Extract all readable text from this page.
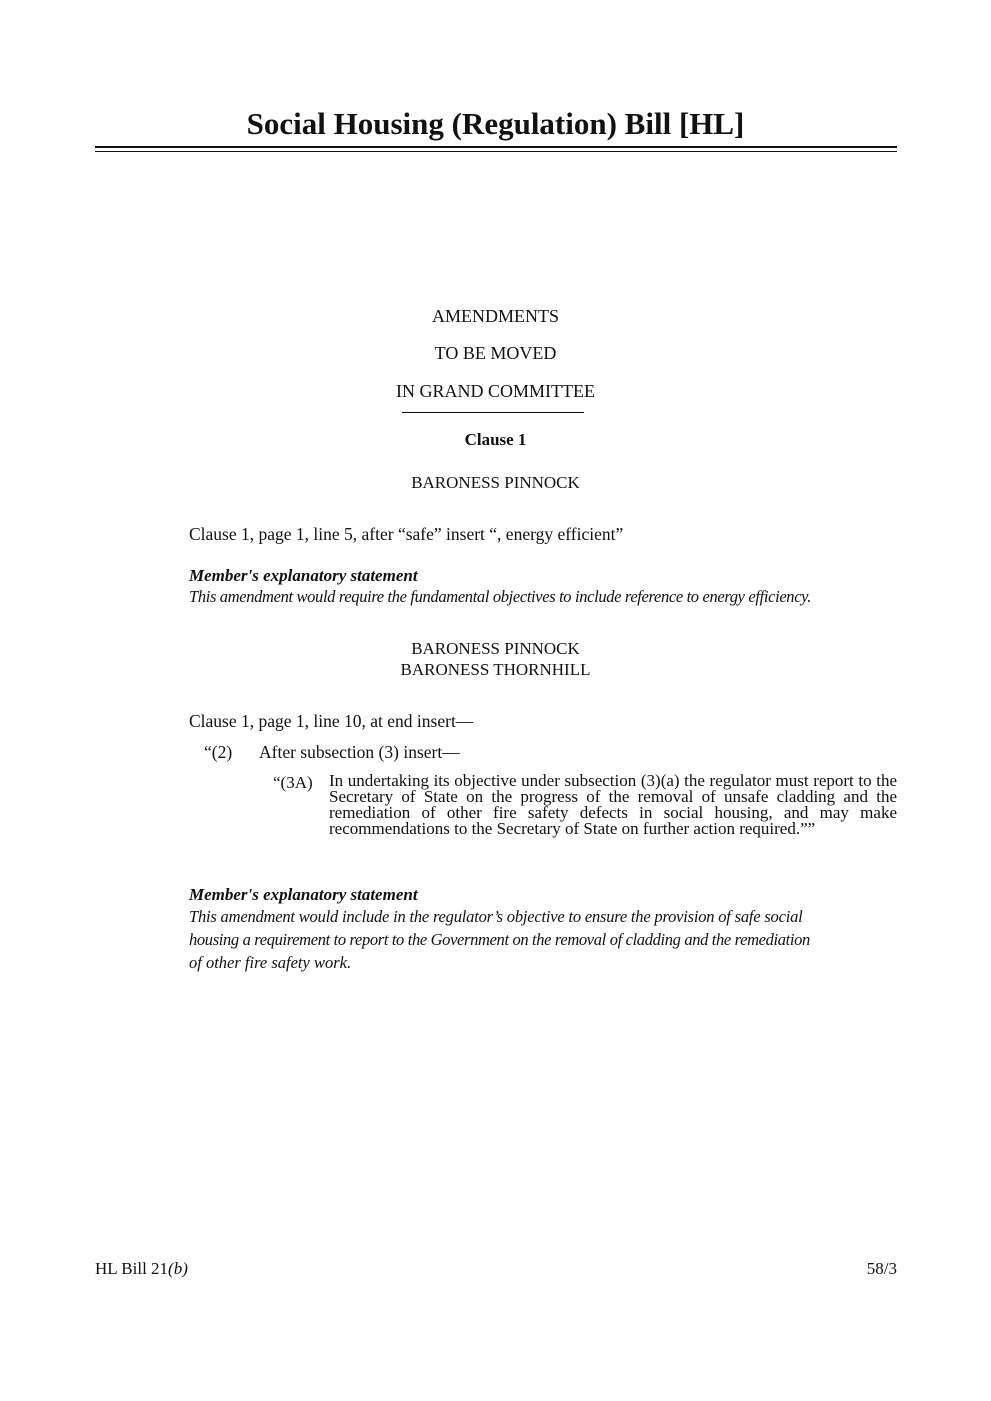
Social Housing (Regulation) Bill [HL]
AMENDMENTS
TO BE MOVED
IN GRAND COMMITTEE
Clause 1
BARONESS PINNOCK
Clause 1, page 1, line 5, after “safe” insert “, energy efficient”
Member's explanatory statement
This amendment would require the fundamental objectives to include reference to energy efficiency.
BARONESS PINNOCK
BARONESS THORNHILL
Clause 1, page 1, line 10, at end insert—
“(2) After subsection (3) insert—
“(3A) In undertaking its objective under subsection (3)(a) the regulator must report to the Secretary of State on the progress of the removal of unsafe cladding and the remediation of other fire safety defects in social housing, and may make recommendations to the Secretary of State on further action required.””
Member's explanatory statement
This amendment would include in the regulator’s objective to ensure the provision of safe social
housing a requirement to report to the Government on the removal of cladding and the remediation
of other fire safety work.
HL Bill 21(b)	58/3
